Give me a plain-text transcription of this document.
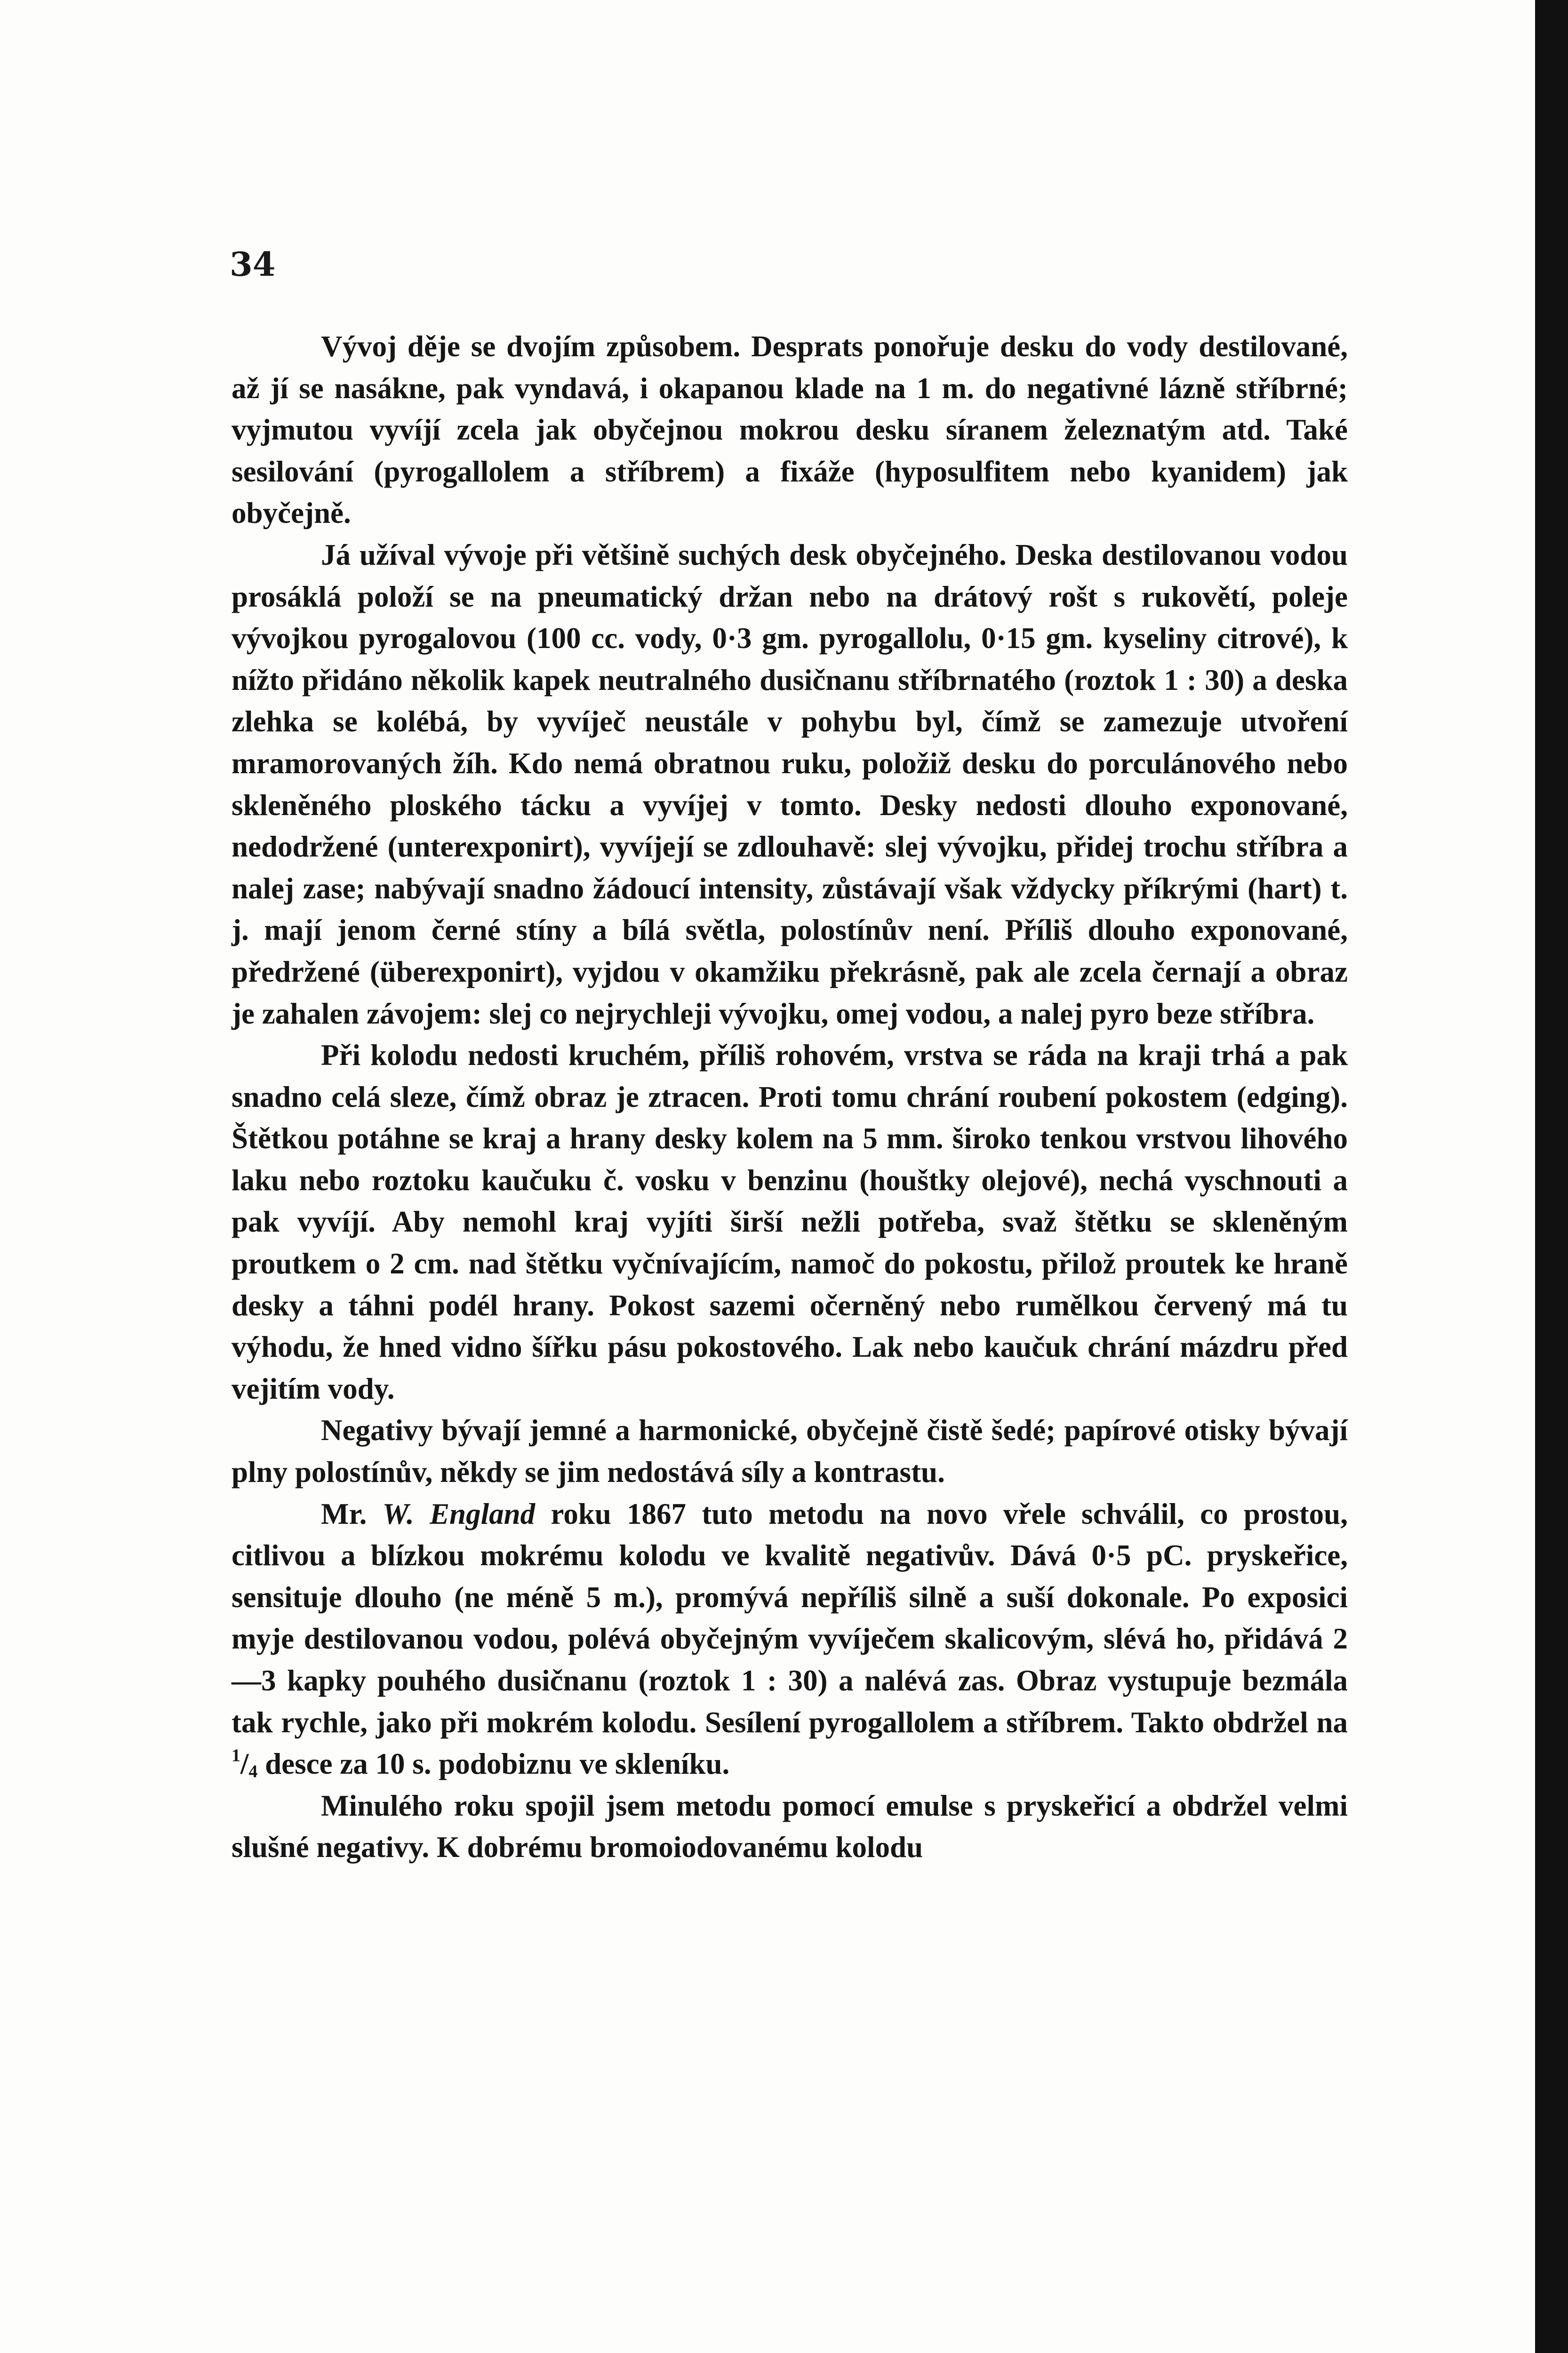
34

Vývoj děje se dvojím způsobem. Desprats ponořuje desku do vody destilované, až jí se nasákne, pak vyndavá, i okapanou klade na 1 m. do negativné lázně stříbrné; vyjmutou vyvíjí zcela jak obyčejnou mokrou desku síranem železnatým atd. Také sesilování (pyrogallolem a stříbrem) a fixáže (hyposulfitem nebo kyanidem) jak obyčejně.

Já užíval vývoje při většině suchých desk obyčejného. Deska destilovanou vodou prosáklá položí se na pneumatický držan nebo na drátový rošt s rukovětí, poleje vývojkou pyrogalovou (100 cc. vody, 0·3 gm. pyrogallolu, 0·15 gm. kyseliny citrové), k nížto přidáno několik kapek neutralného dusičnanu stříbrnatého (roztok 1 : 30) a deska zlehka se kolébá, by vyvíječ neustále v pohybu byl, čímž se zamezuje utvoření mramorovaných žíh. Kdo nemá obratnou ruku, položiž desku do porculánového nebo skleněného ploského tácku a vyvíjej v tomto. Desky nedosti dlouho exponované, nedodržené (unterexponirt), vyvíjejí se zdlouhavě: slej vývojku, přidej trochu stříbra a nalej zase; nabývají snadno žádoucí intensity, zůstávají však vždycky příkrými (hart) t. j. mají jenom černé stíny a bílá světla, polostínův není. Příliš dlouho exponované, předržené (überexponirt), vyjdou v okamžiku překrásně, pak ale zcela černají a obraz je zahalen závojem: slej co nejrychleji vývojku, omej vodou, a nalej pyro beze stříbra.

Při kolodu nedosti kruchém, příliš rohovém, vrstva se ráda na kraji trhá a pak snadno celá sleze, čímž obraz je ztracen. Proti tomu chrání roubení pokostem (edging). Štětkou potáhne se kraj a hrany desky kolem na 5 mm. široko tenkou vrstvou lihového laku nebo roztoku kaučuku č. vosku v benzinu (houštky olejové), nechá vyschnouti a pak vyvíjí. Aby nemohl kraj vyjíti širší nežli potřeba, svaž štětku se skleněným proutkem o 2 cm. nad štětku vyčnívajícím, namoč do pokostu, přilož proutek ke hraně desky a táhni podél hrany. Pokost sazemi očerněný nebo rumělkou červený má tu výhodu, že hned vidno šířku pásu pokostového. Lak nebo kaučuk chrání mázdru před vejitím vody.

Negativy bývají jemné a harmonické, obyčejně čistě šedé; papírové otisky bývají plny polostínův, někdy se jim nedostává síly a kontrastu.

Mr. W. England roku 1867 tuto metodu na novo vřele schválil, co prostou, citlivou a blízkou mokrému kolodu ve kvalitě negativův. Dává 0·5 pC. pryskeřice, sensitujе dlouho (ne méně 5 m.), promývá nepříliš silně a suší dokonale. Po exposici myje destilovanou vodou, polévá obyčejným vyvíječem skalicovým, slévá ho, přidává 2—3 kapky pouhého dusičnanu (roztok 1 : 30) a nalévá zas. Obraz vystupuje bezmála tak rychle, jako při mokrém kolodu. Sesílení pyrogallolem a stříbrem. Takto obdržel na $^1/_4$ desce za 10 s. podobiznu ve skleníku.

Minulého roku spojil jsem metodu pomocí emulse s pryskeřicí a obdržel velmi slušné negativy. K dobrému bromoiodovanému kolodu
